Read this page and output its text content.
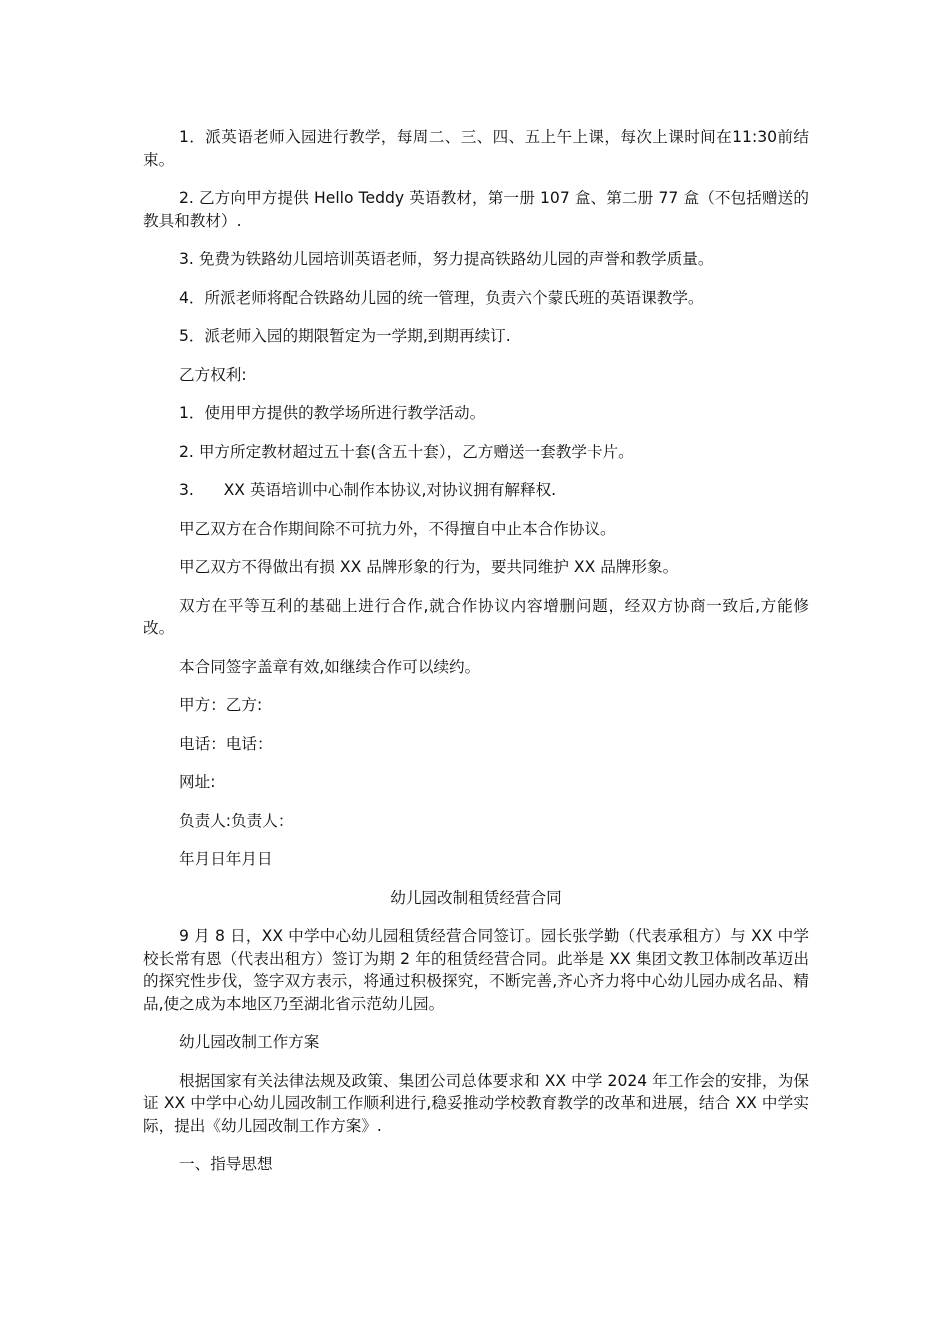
1．派英语老师入园进行教学，每周二、三、四、五上午上课，每次上课时间在11:30前结束。

2. 乙方向甲方提供 Hello Teddy 英语教材，第一册 107 盒、第二册 77 盒（不包括赠送的教具和教材）.

3. 免费为铁路幼儿园培训英语老师，努力提高铁路幼儿园的声誉和教学质量。

4．所派老师将配合铁路幼儿园的统一管理，负责六个蒙氏班的英语课教学。

5．派老师入园的期限暂定为一学期,到期再续订.

乙方权利:

1．使用甲方提供的教学场所进行教学活动。

2. 甲方所定教材超过五十套(含五十套），乙方赠送一套教学卡片。

3.      XX 英语培训中心制作本协议,对协议拥有解释权.

甲乙双方在合作期间除不可抗力外，不得擅自中止本合作协议。

甲乙双方不得做出有损 XX 品牌形象的行为，要共同维护 XX 品牌形象。

双方在平等互利的基础上进行合作,就合作协议内容增删问题，经双方协商一致后,方能修改。

本合同签字盖章有效,如继续合作可以续约。

甲方：乙方:

电话：电话：

网址:

负责人:负责人：

年月日年月日

幼儿园改制租赁经营合同

9 月 8 日，XX 中学中心幼儿园租赁经营合同签订。园长张学勤（代表承租方）与 XX 中学校长常有恩（代表出租方）签订为期 2 年的租赁经营合同。此举是 XX 集团文教卫体制改革迈出的探究性步伐，签字双方表示，将通过积极探究，不断完善,齐心齐力将中心幼儿园办成名品、精品,使之成为本地区乃至湖北省示范幼儿园。

幼儿园改制工作方案

根据国家有关法律法规及政策、集团公司总体要求和 XX 中学 2024 年工作会的安排，为保证 XX 中学中心幼儿园改制工作顺利进行,稳妥推动学校教育教学的改革和进展，结合 XX 中学实际，提出《幼儿园改制工作方案》.

一、指导思想
